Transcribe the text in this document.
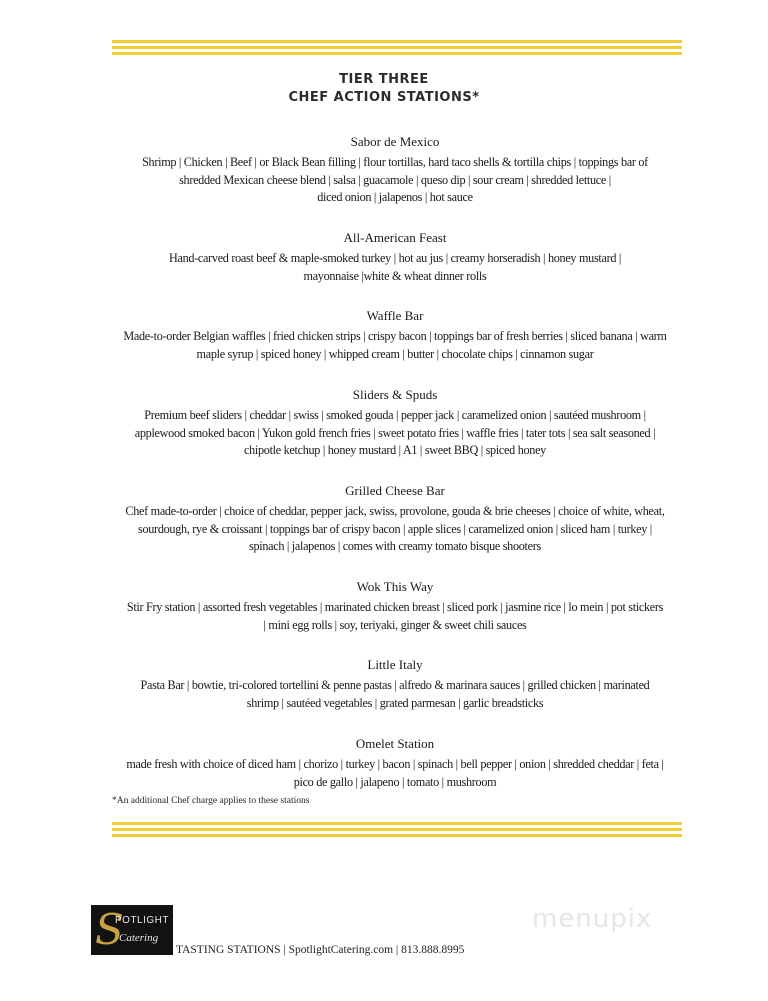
TIER THREE
CHEF ACTION STATIONS*
Sabor de Mexico
Shrimp | Chicken | Beef | or Black Bean filling | flour tortillas, hard taco shells & tortilla chips | toppings bar of
shredded Mexican cheese blend | salsa | guacamole | queso dip | sour cream | shredded lettuce |
diced onion | jalapenos | hot sauce
All-American Feast
Hand-carved roast beef & maple-smoked turkey | hot au jus | creamy horseradish | honey mustard |
mayonnaise |white & wheat dinner rolls
Waffle Bar
Made-to-order Belgian waffles | fried chicken strips | crispy bacon | toppings bar of fresh berries | sliced banana | warm
maple syrup | spiced honey | whipped cream | butter | chocolate chips | cinnamon sugar
Sliders & Spuds
Premium beef sliders | cheddar | swiss | smoked gouda | pepper jack | caramelized onion | sautéed mushroom |
applewood smoked bacon | Yukon gold french fries | sweet potato fries | waffle fries | tater tots | sea salt seasoned |
chipotle ketchup | honey mustard | A1 | sweet BBQ | spiced honey
Grilled Cheese Bar
Chef made-to-order | choice of cheddar, pepper jack, swiss, provolone, gouda & brie cheeses | choice of white, wheat,
sourdough, rye & croissant | toppings bar of crispy bacon | apple slices | caramelized onion | sliced ham | turkey |
spinach | jalapenos | comes with creamy tomato bisque shooters
Wok This Way
Stir Fry station | assorted fresh vegetables | marinated chicken breast | sliced pork | jasmine rice | lo mein | pot stickers
| mini egg rolls | soy, teriyaki, ginger & sweet chili sauces
Little Italy
Pasta Bar | bowtie, tri-colored tortellini & penne pastas | alfredo & marinara sauces | grilled chicken | marinated
shrimp | sautéed vegetables | grated parmesan | garlic breadsticks
Omelet Station
made fresh with choice of diced ham | chorizo | turkey | bacon | spinach | bell pepper | onion | shredded cheddar | feta |
pico de gallo | jalapeno | tomato | mushroom
*An additional Chef charge applies to these stations
menupix
S
POTLIGHT
Catering
TASTING STATIONS | SpotlightCatering.com | 813.888.8995
